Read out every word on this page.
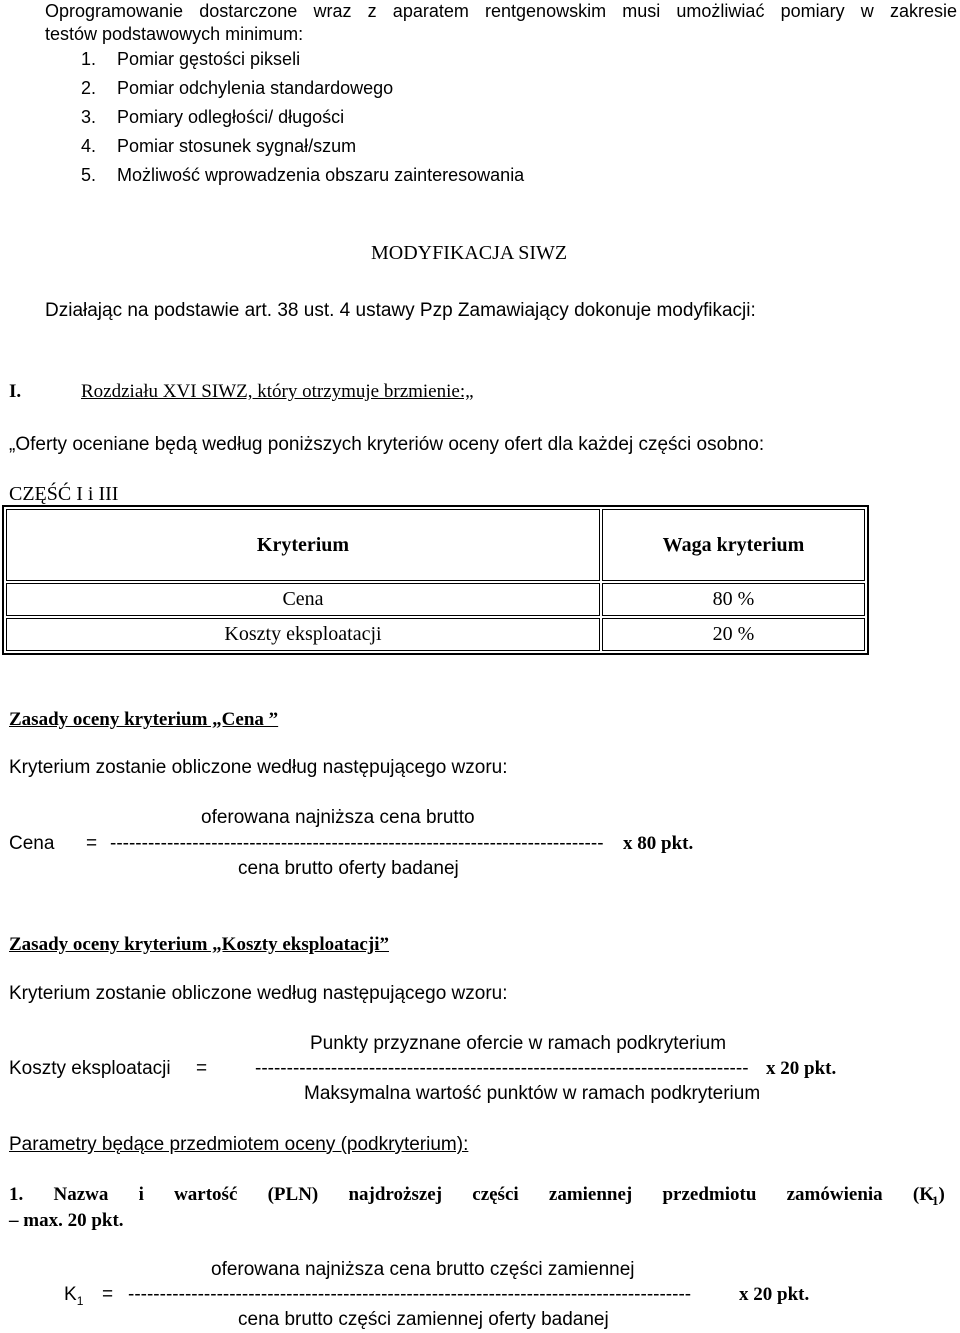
Oprogramowanie dostarczone wraz z aparatem rentgenowskim musi umożliwiać pomiary w zakresie
testów podstawowych minimum:
1. Pomiar gęstości pikseli
2. Pomiar odchylenia standardowego
3. Pomiary odległości/ długości
4. Pomiar stosunek sygnał/szum
5. Możliwość wprowadzenia obszaru zainteresowania
MODYFIKACJA SIWZ
Działając na podstawie art. 38 ust. 4 ustawy Pzp Zamawiający dokonuje modyfikacji:
I.	Rozdziału XVI SIWZ, który otrzymuje brzmienie:„
„Oferty oceniane będą według poniższych kryteriów oceny ofert dla każdej części osobno:
CZĘŚĆ I i III
Kryterium	Waga kryterium
Cena	80 %
Koszty eksploatacji	20 %
Zasady oceny kryterium „Cena ”
Kryterium zostanie obliczone według następującego wzoru:
oferowana najniższa cena brutto
Cena = ------------------------------------------------------------------------------	x 80 pkt.
cena brutto oferty badanej
Zasady oceny kryterium „Koszty eksploatacji”
Kryterium zostanie obliczone według następującego wzoru:
Punkty przyznane ofercie w ramach podkryterium
Koszty eksploatacji =	------------------------------------------------------------------------------ x 20 pkt.
Maksymalna wartość punktów w ramach podkryterium
Parametry będące przedmiotem oceny (podkryterium):
1. Nazwa i wartość (PLN) najdroższej części zamiennej przedmiotu zamówienia (K
$_1$)
– max. 20 pkt.
oferowana najniższa cena brutto części zamiennej
$K_1$ = -----------------------------------------------------------------------------------------	x 20 pkt.
cena brutto części zamiennej oferty badanej
